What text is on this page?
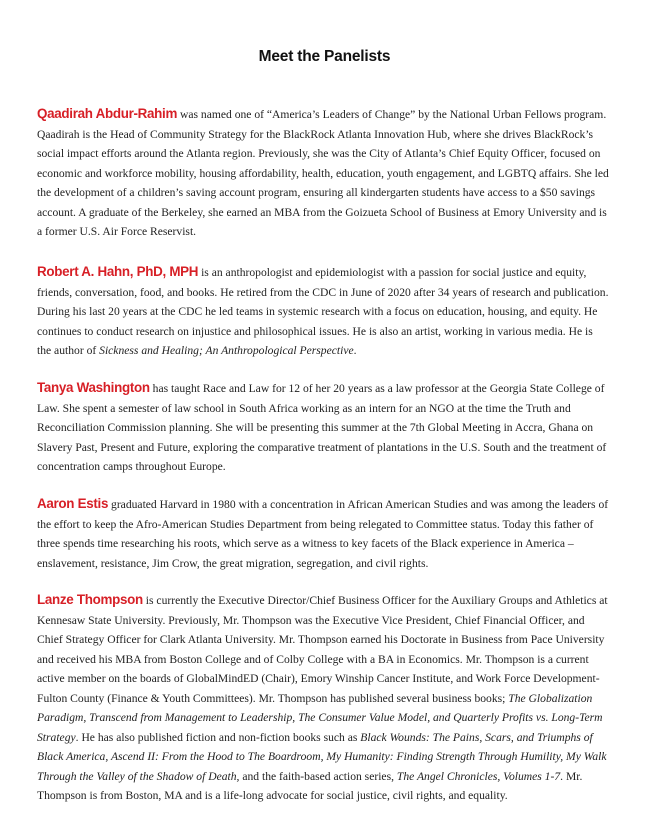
Meet the Panelists

Qaadirah Abdur-Rahim was named one of “America’s Leaders of Change” by the National Urban Fellows program. Qaadirah is the Head of Community Strategy for the BlackRock Atlanta Innovation Hub, where she drives BlackRock’s social impact efforts around the Atlanta region. Previously, she was the City of Atlanta’s Chief Equity Officer, focused on economic and workforce mobility, housing affordability, health, education, youth engagement, and LGBTQ affairs. She led the development of a children’s saving account program, ensuring all kindergarten students have access to a $50 savings account. A graduate of the Berkeley, she earned an MBA from the Goizueta School of Business at Emory University and is a former U.S. Air Force Reservist.

Robert A. Hahn, PhD, MPH is an anthropologist and epidemiologist with a passion for social justice and equity, friends, conversation, food, and books. He retired from the CDC in June of 2020 after 34 years of research and publication. During his last 20 years at the CDC he led teams in systemic research with a focus on education, housing, and equity. He continues to conduct research on injustice and philosophical issues. He is also an artist, working in various media. He is the author of Sickness and Healing; An Anthropological Perspective.

Tanya Washington has taught Race and Law for 12 of her 20 years as a law professor at the Georgia State College of Law. She spent a semester of law school in South Africa working as an intern for an NGO at the time the Truth and Reconciliation Commission planning. She will be presenting this summer at the 7th Global Meeting in Accra, Ghana on Slavery Past, Present and Future, exploring the comparative treatment of plantations in the U.S. South and the treatment of concentration camps throughout Europe.

Aaron Estis graduated Harvard in 1980 with a concentration in African American Studies and was among the leaders of the effort to keep the Afro-American Studies Department from being relegated to Committee status. Today this father of three spends time researching his roots, which serve as a witness to key facets of the Black experience in America – enslavement, resistance, Jim Crow, the great migration, segregation, and civil rights.

Lanze Thompson is currently the Executive Director/Chief Business Officer for the Auxiliary Groups and Athletics at Kennesaw State University. Previously, Mr. Thompson was the Executive Vice President, Chief Financial Officer, and Chief Strategy Officer for Clark Atlanta University. Mr. Thompson earned his Doctorate in Business from Pace University and received his MBA from Boston College and of Colby College with a BA in Economics. Mr. Thompson is a current active member on the boards of GlobalMindED (Chair), Emory Winship Cancer Institute, and Work Force Development-Fulton County (Finance & Youth Committees). Mr. Thompson has published several business books; The Globalization Paradigm, Transcend from Management to Leadership, The Consumer Value Model, and Quarterly Profits vs. Long-Term Strategy. He has also published fiction and non-fiction books such as Black Wounds: The Pains, Scars, and Triumphs of Black America, Ascend II: From the Hood to The Boardroom, My Humanity: Finding Strength Through Humility, My Walk Through the Valley of the Shadow of Death, and the faith-based action series, The Angel Chronicles, Volumes 1-7. Mr. Thompson is from Boston, MA and is a life-long advocate for social justice, civil rights, and equality.
